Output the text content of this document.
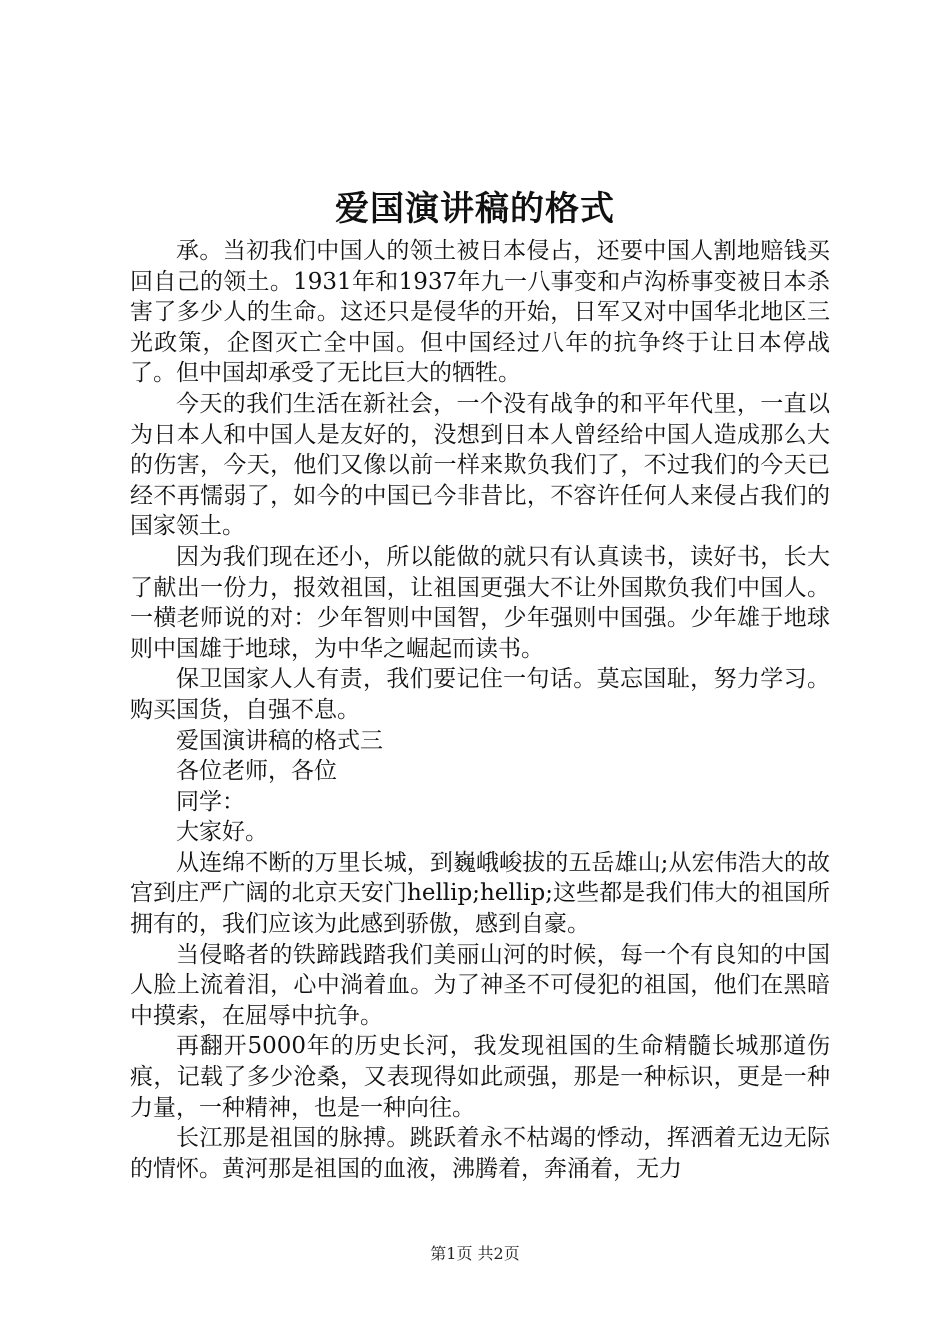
爱国演讲稿的格式

承。当初我们中国人的领土被日本侵占，还要中国人割地赔钱买回自己的领土。1931年和1937年九一八事变和卢沟桥事变被日本杀害了多少人的生命。这还只是侵华的开始，日军又对中国华北地区三光政策，企图灭亡全中国。但中国经过八年的抗争终于让日本停战了。但中国却承受了无比巨大的牺牲。

今天的我们生活在新社会，一个没有战争的和平年代里，一直以为日本人和中国人是友好的，没想到日本人曾经给中国人造成那么大的伤害，今天，他们又像以前一样来欺负我们了，不过我们的今天已经不再懦弱了，如今的中国已今非昔比，不容许任何人来侵占我们的国家领土。

因为我们现在还小，所以能做的就只有认真读书，读好书，长大了献出一份力，报效祖国，让祖国更强大不让外国欺负我们中国人。一横老师说的对：少年智则中国智，少年强则中国强。少年雄于地球则中国雄于地球，为中华之崛起而读书。

保卫国家人人有责，我们要记住一句话。莫忘国耻，努力学习。购买国货，自强不息。

爱国演讲稿的格式三

各位老师，各位

同学：

大家好。

从连绵不断的万里长城，到巍峨峻拔的五岳雄山;从宏伟浩大的故宫到庄严广阔的北京天安门hellip;hellip;这些都是我们伟大的祖国所拥有的，我们应该为此感到骄傲，感到自豪。

当侵略者的铁蹄践踏我们美丽山河的时候，每一个有良知的中国人脸上流着泪，心中淌着血。为了神圣不可侵犯的祖国，他们在黑暗中摸索，在屈辱中抗争。

再翻开5000年的历史长河，我发现祖国的生命精髓长城那道伤痕，记载了多少沧桑，又表现得如此顽强，那是一种标识，更是一种力量，一种精神，也是一种向往。

长江那是祖国的脉搏。跳跃着永不枯竭的悸动，挥洒着无边无际的情怀。黄河那是祖国的血液，沸腾着，奔涌着，无力

第1页 共2页
